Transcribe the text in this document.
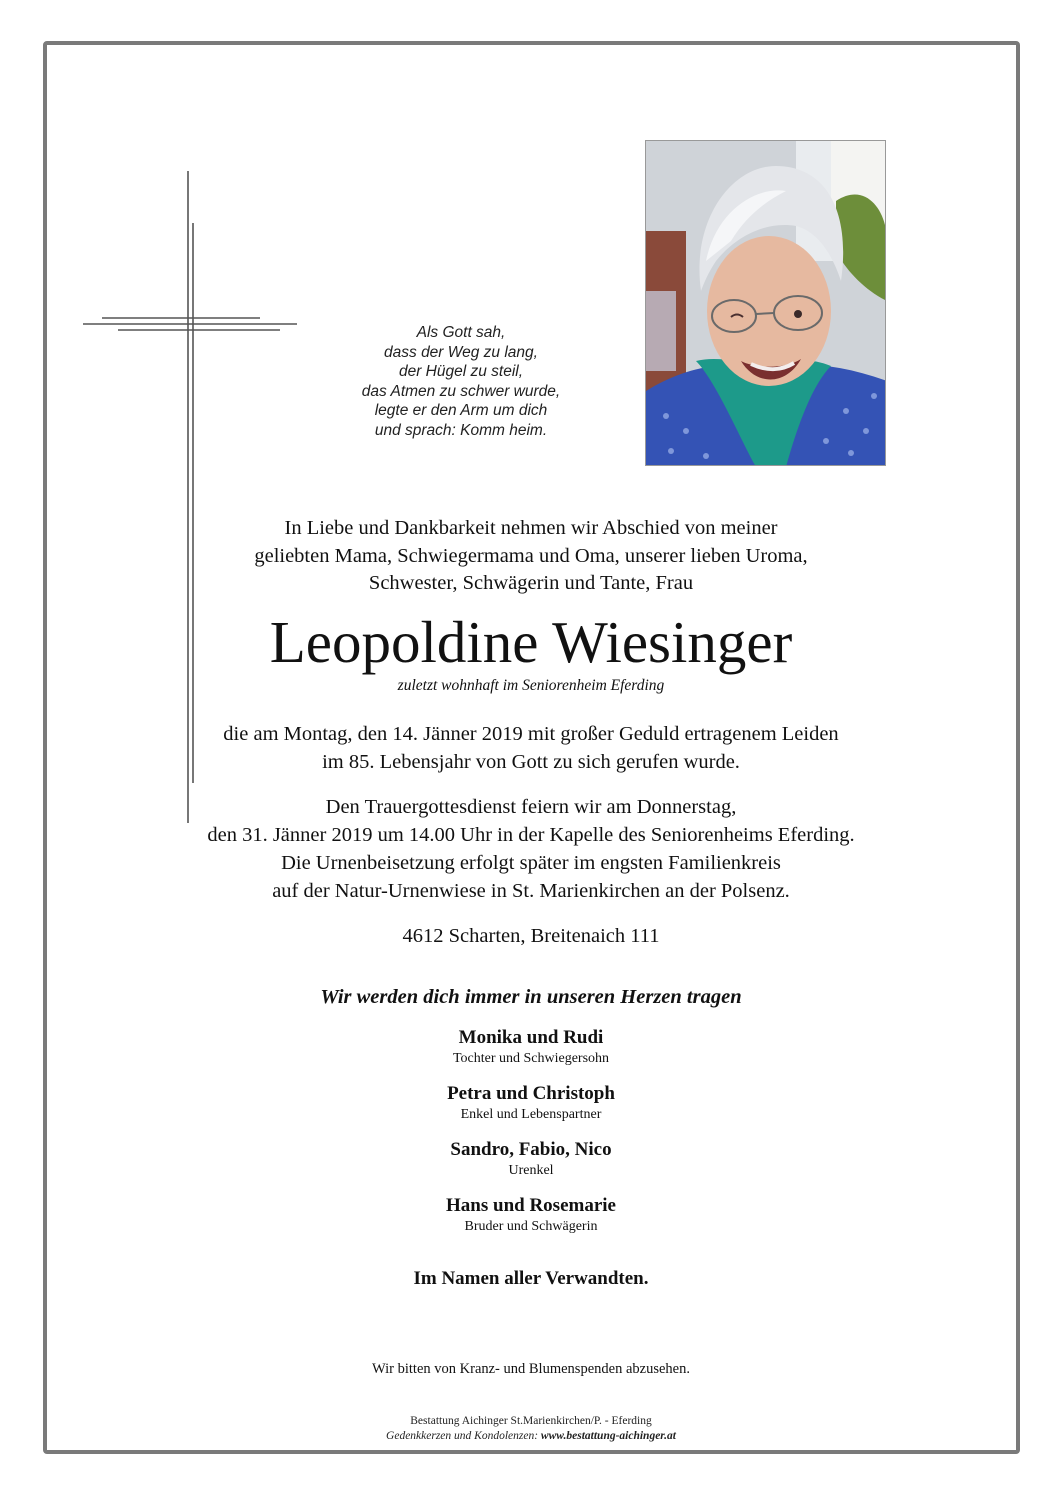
Als Gott sah,
dass der Weg zu lang,
der Hügel zu steil,
das Atmen zu schwer wurde,
legte er den Arm um dich
und sprach: Komm heim.
In Liebe und Dankbarkeit nehmen wir Abschied von meiner
geliebten Mama, Schwiegermama und Oma, unserer lieben Uroma,
Schwester, Schwägerin und Tante, Frau
Leopoldine Wiesinger
zuletzt wohnhaft im Seniorenheim Eferding
die am Montag, den 14. Jänner 2019 mit großer Geduld ertragenem Leiden
im 85. Lebensjahr von Gott zu sich gerufen wurde.
Den Trauergottesdienst feiern wir am Donnerstag,
den 31. Jänner 2019 um 14.00 Uhr in der Kapelle des Seniorenheims Eferding.
Die Urnenbeisetzung erfolgt später im engsten Familienkreis
auf der Natur-Urnenwiese in St. Marienkirchen an der Polsenz.
4612 Scharten, Breitenaich 111
Wir werden dich immer in unseren Herzen tragen
Monika und Rudi
Tochter und Schwiegersohn
Petra und Christoph
Enkel und Lebenspartner
Sandro, Fabio, Nico
Urenkel
Hans und Rosemarie
Bruder und Schwägerin
Im Namen aller Verwandten.
Wir bitten von Kranz- und Blumenspenden abzusehen.
Bestattung Aichinger St.Marienkirchen/P. - Eferding
Gedenkkerzen und Kondolenzen: www.bestattung-aichinger.at
